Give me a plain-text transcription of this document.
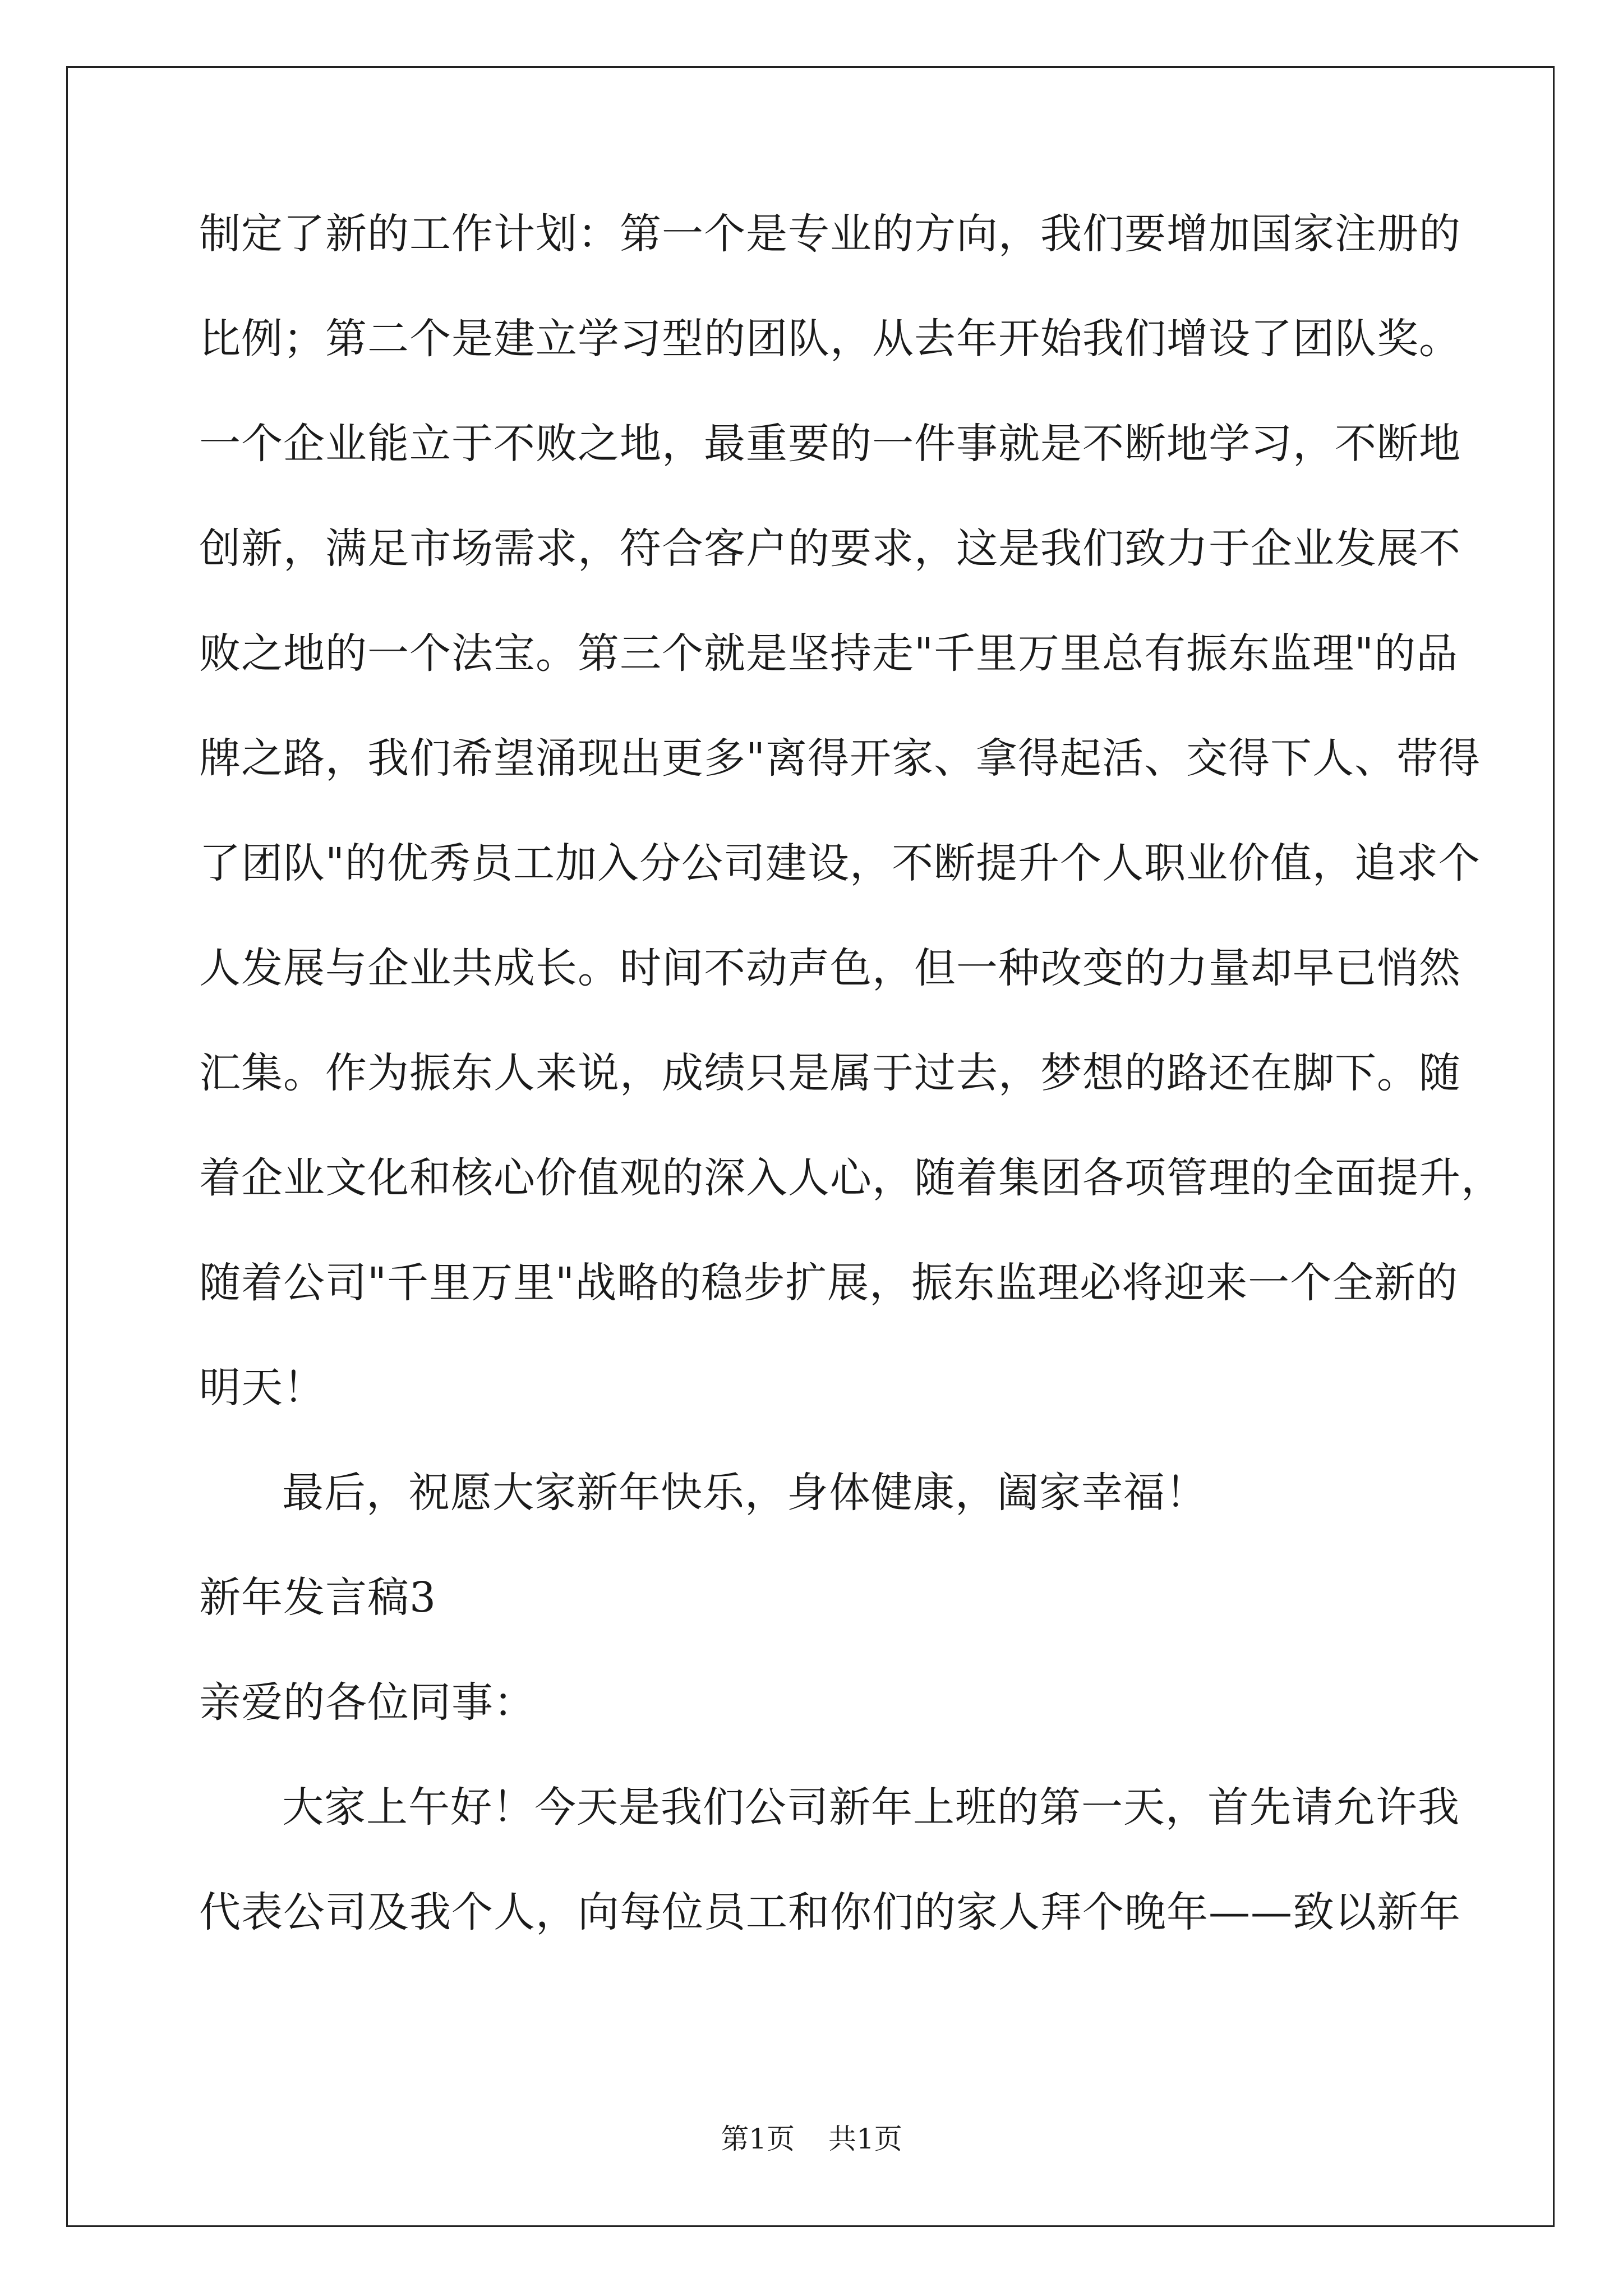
制定了新的工作计划：第一个是专业的方向，我们要增加国家注册的
比例；第二个是建立学习型的团队，从去年开始我们增设了团队奖。
一个企业能立于不败之地，最重要的一件事就是不断地学习，不断地
创新，满足市场需求，符合客户的要求，这是我们致力于企业发展不
败之地的一个法宝。第三个就是坚持走"千里万里总有振东监理"的品
牌之路，我们希望涌现出更多"离得开家、拿得起活、交得下人、带得
了团队"的优秀员工加入分公司建设，不断提升个人职业价值，追求个
人发展与企业共成长。时间不动声色，但一种改变的力量却早已悄然
汇集。作为振东人来说，成绩只是属于过去，梦想的路还在脚下。随
着企业文化和核心价值观的深入人心，随着集团各项管理的全面提升，
随着公司"千里万里"战略的稳步扩展，振东监理必将迎来一个全新的
明天！
最后，祝愿大家新年快乐，身体健康，阖家幸福！
新年发言稿3
亲爱的各位同事：
大家上午好！今天是我们公司新年上班的第一天，首先请允许我
代表公司及我个人，向每位员工和你们的家人拜个晚年——致以新年
第1页 共1页
